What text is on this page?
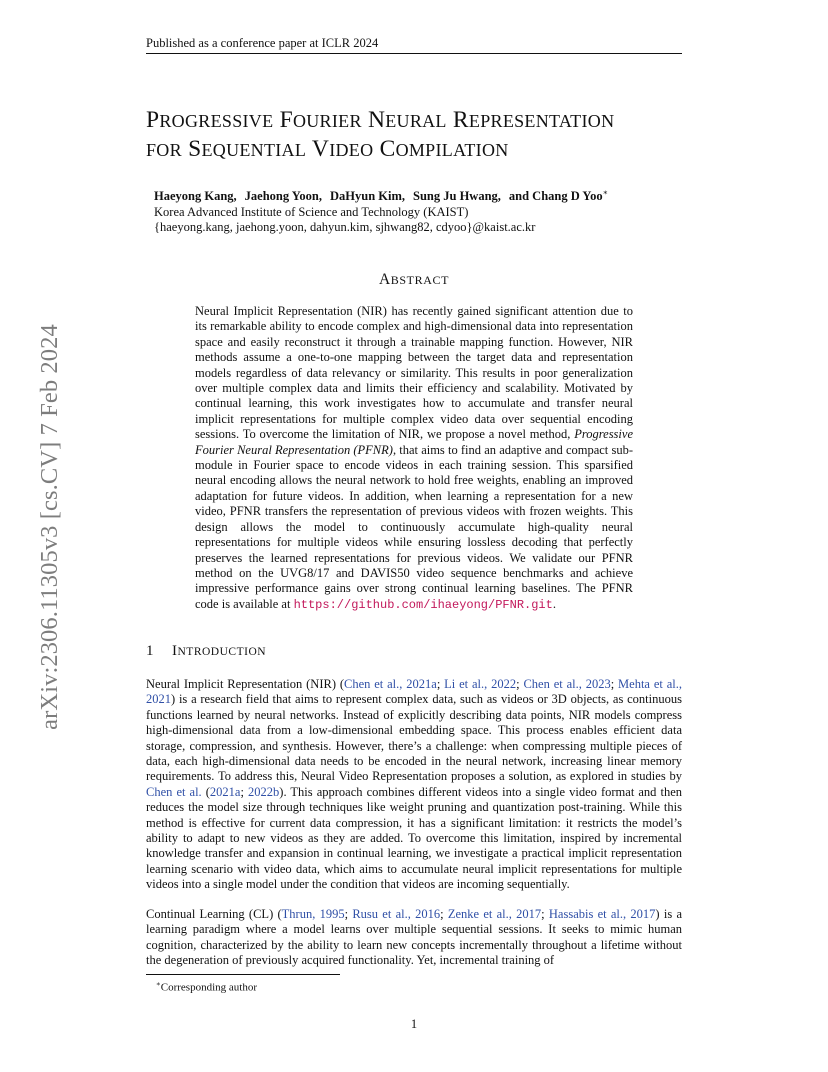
Published as a conference paper at ICLR 2024
arXiv:2306.11305v3 [cs.CV] 7 Feb 2024
PROGRESSIVE FOURIER NEURAL REPRESENTATION
FOR SEQUENTIAL VIDEO COMPILATION
Haeyong Kang, Jaehong Yoon, DaHyun Kim, Sung Ju Hwang, and Chang D Yoo∗
Korea Advanced Institute of Science and Technology (KAIST)
{haeyong.kang, jaehong.yoon, dahyun.kim, sjhwang82, cdyoo}@kaist.ac.kr
ABSTRACT
Neural Implicit Representation (NIR) has recently gained significant attention due to its remarkable ability to encode complex and high-dimensional data into representation space and easily reconstruct it through a trainable mapping function. However, NIR methods assume a one-to-one mapping between the target data and representation models regardless of data relevancy or similarity. This results in poor generalization over multiple complex data and limits their efficiency and scalability. Motivated by continual learning, this work investigates how to accumulate and transfer neural implicit representations for multiple complex video data over sequential encoding sessions. To overcome the limitation of NIR, we propose a novel method, Progressive Fourier Neural Representation (PFNR), that aims to find an adaptive and compact sub-module in Fourier space to encode videos in each training session. This sparsified neural encoding allows the neural network to hold free weights, enabling an improved adaptation for future videos. In addition, when learning a representation for a new video, PFNR transfers the representation of previous videos with frozen weights. This design allows the model to continuously accumulate high-quality neural representations for multiple videos while ensuring lossless decoding that perfectly preserves the learned representations for previous videos. We validate our PFNR method on the UVG8/17 and DAVIS50 video sequence benchmarks and achieve impressive performance gains over strong continual learning baselines. The PFNR code is available at https://github.com/ihaeyong/PFNR.git.
1 INTRODUCTION
Neural Implicit Representation (NIR) (Chen et al., 2021a; Li et al., 2022; Chen et al., 2023; Mehta et al., 2021) is a research field that aims to represent complex data, such as videos or 3D objects, as continuous functions learned by neural networks. Instead of explicitly describing data points, NIR models compress high-dimensional data from a low-dimensional embedding space. This process enables efficient data storage, compression, and synthesis. However, there’s a challenge: when compressing multiple pieces of data, each high-dimensional data needs to be encoded in the neural network, increasing linear memory requirements. To address this, Neural Video Representation proposes a solution, as explored in studies by Chen et al. (2021a; 2022b). This approach combines different videos into a single video format and then reduces the model size through techniques like weight pruning and quantization post-training. While this method is effective for current data compression, it has a significant limitation: it restricts the model’s ability to adapt to new videos as they are added. To overcome this limitation, inspired by incremental knowledge transfer and expansion in continual learning, we investigate a practical implicit representation learning scenario with video data, which aims to accumulate neural implicit representations for multiple videos into a single model under the condition that videos are incoming sequentially.
Continual Learning (CL) (Thrun, 1995; Rusu et al., 2016; Zenke et al., 2017; Hassabis et al., 2017) is a learning paradigm where a model learns over multiple sequential sessions. It seeks to mimic human cognition, characterized by the ability to learn new concepts incrementally throughout a lifetime without the degeneration of previously acquired functionality. Yet, incremental training of
∗Corresponding author
1
